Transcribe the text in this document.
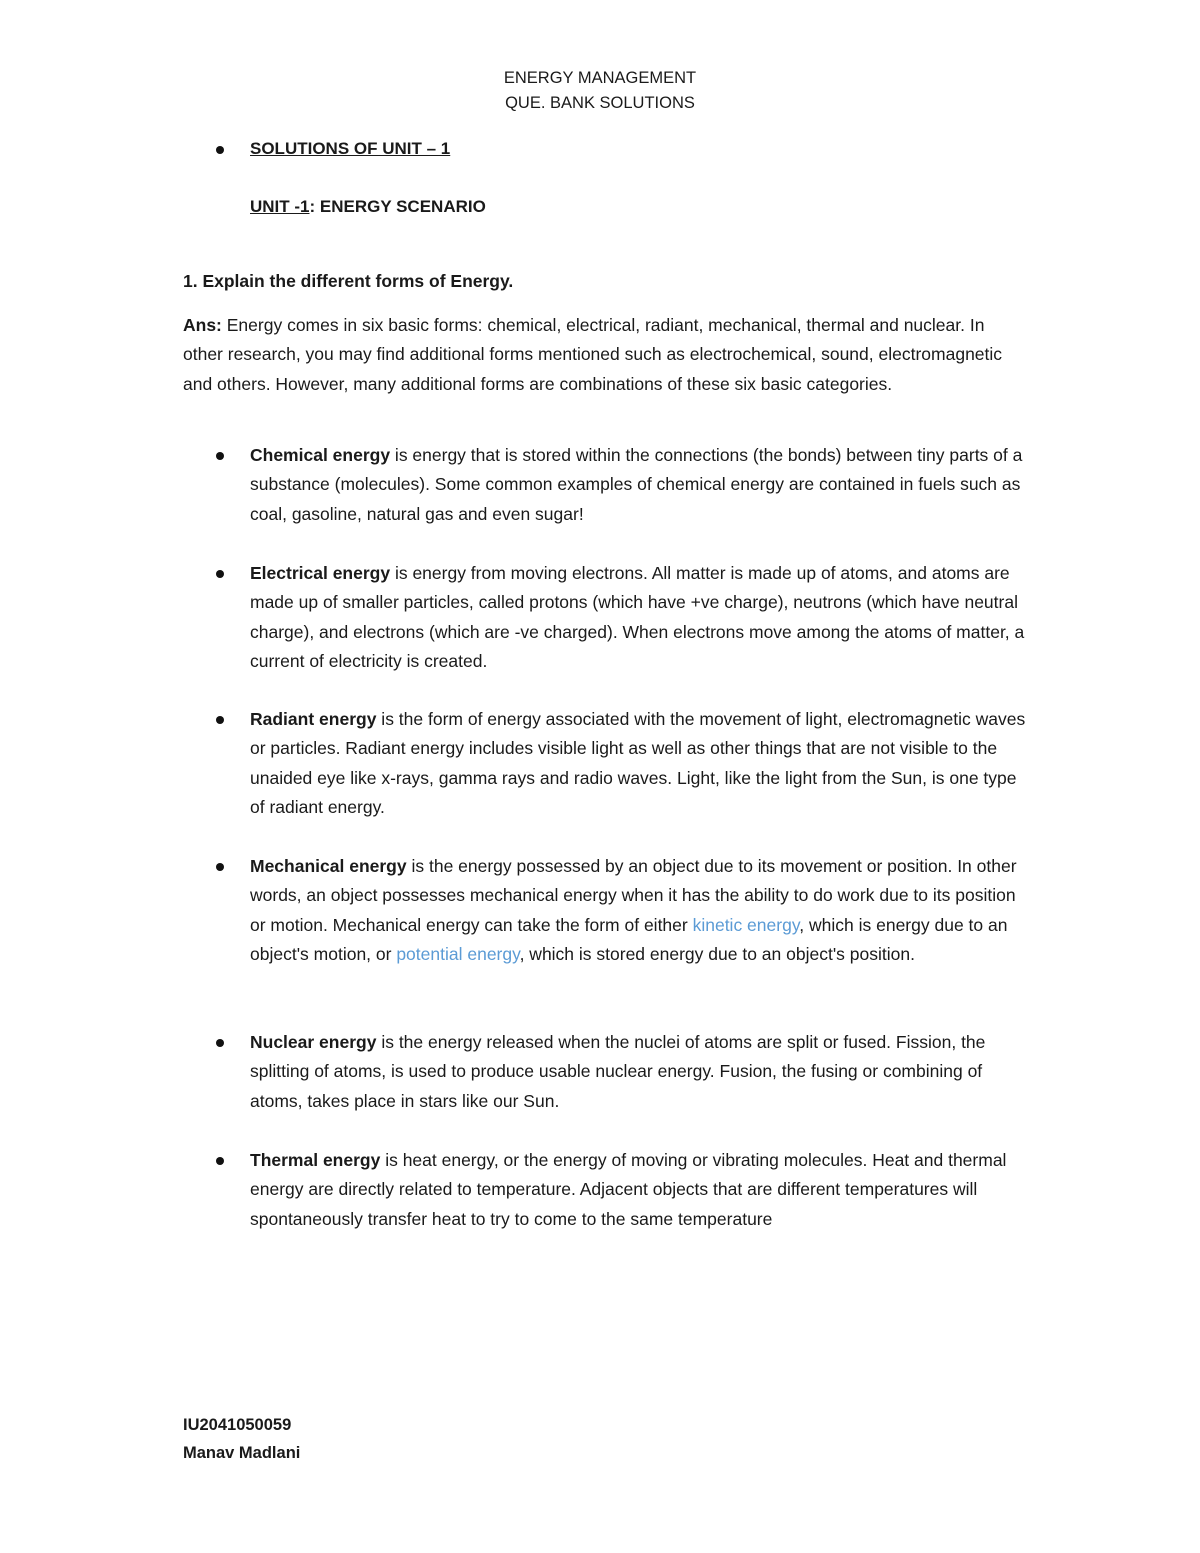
ENERGY MANAGEMENT
QUE. BANK SOLUTIONS
SOLUTIONS OF UNIT – 1
UNIT -1: ENERGY SCENARIO
1. Explain the different forms of Energy.
Ans: Energy comes in six basic forms: chemical, electrical, radiant, mechanical, thermal and nuclear. In other research, you may find additional forms mentioned such as electrochemical, sound, electromagnetic and others. However, many additional forms are combinations of these six basic categories.
Chemical energy is energy that is stored within the connections (the bonds) between tiny parts of a substance (molecules). Some common examples of chemical energy are contained in fuels such as coal, gasoline, natural gas and even sugar!
Electrical energy is energy from moving electrons. All matter is made up of atoms, and atoms are made up of smaller particles, called protons (which have +ve charge), neutrons (which have neutral charge), and electrons (which are -ve charged). When electrons move among the atoms of matter, a current of electricity is created.
Radiant energy is the form of energy associated with the movement of light, electromagnetic waves or particles. Radiant energy includes visible light as well as other things that are not visible to the unaided eye like x-rays, gamma rays and radio waves. Light, like the light from the Sun, is one type of radiant energy.
Mechanical energy is the energy possessed by an object due to its movement or position. In other words, an object possesses mechanical energy when it has the ability to do work due to its position or motion. Mechanical energy can take the form of either kinetic energy, which is energy due to an object's motion, or potential energy, which is stored energy due to an object's position.
Nuclear energy is the energy released when the nuclei of atoms are split or fused. Fission, the splitting of atoms, is used to produce usable nuclear energy. Fusion, the fusing or combining of atoms, takes place in stars like our Sun.
Thermal energy is heat energy, or the energy of moving or vibrating molecules. Heat and thermal energy are directly related to temperature. Adjacent objects that are different temperatures will spontaneously transfer heat to try to come to the same temperature
IU2041050059
Manav Madlani
